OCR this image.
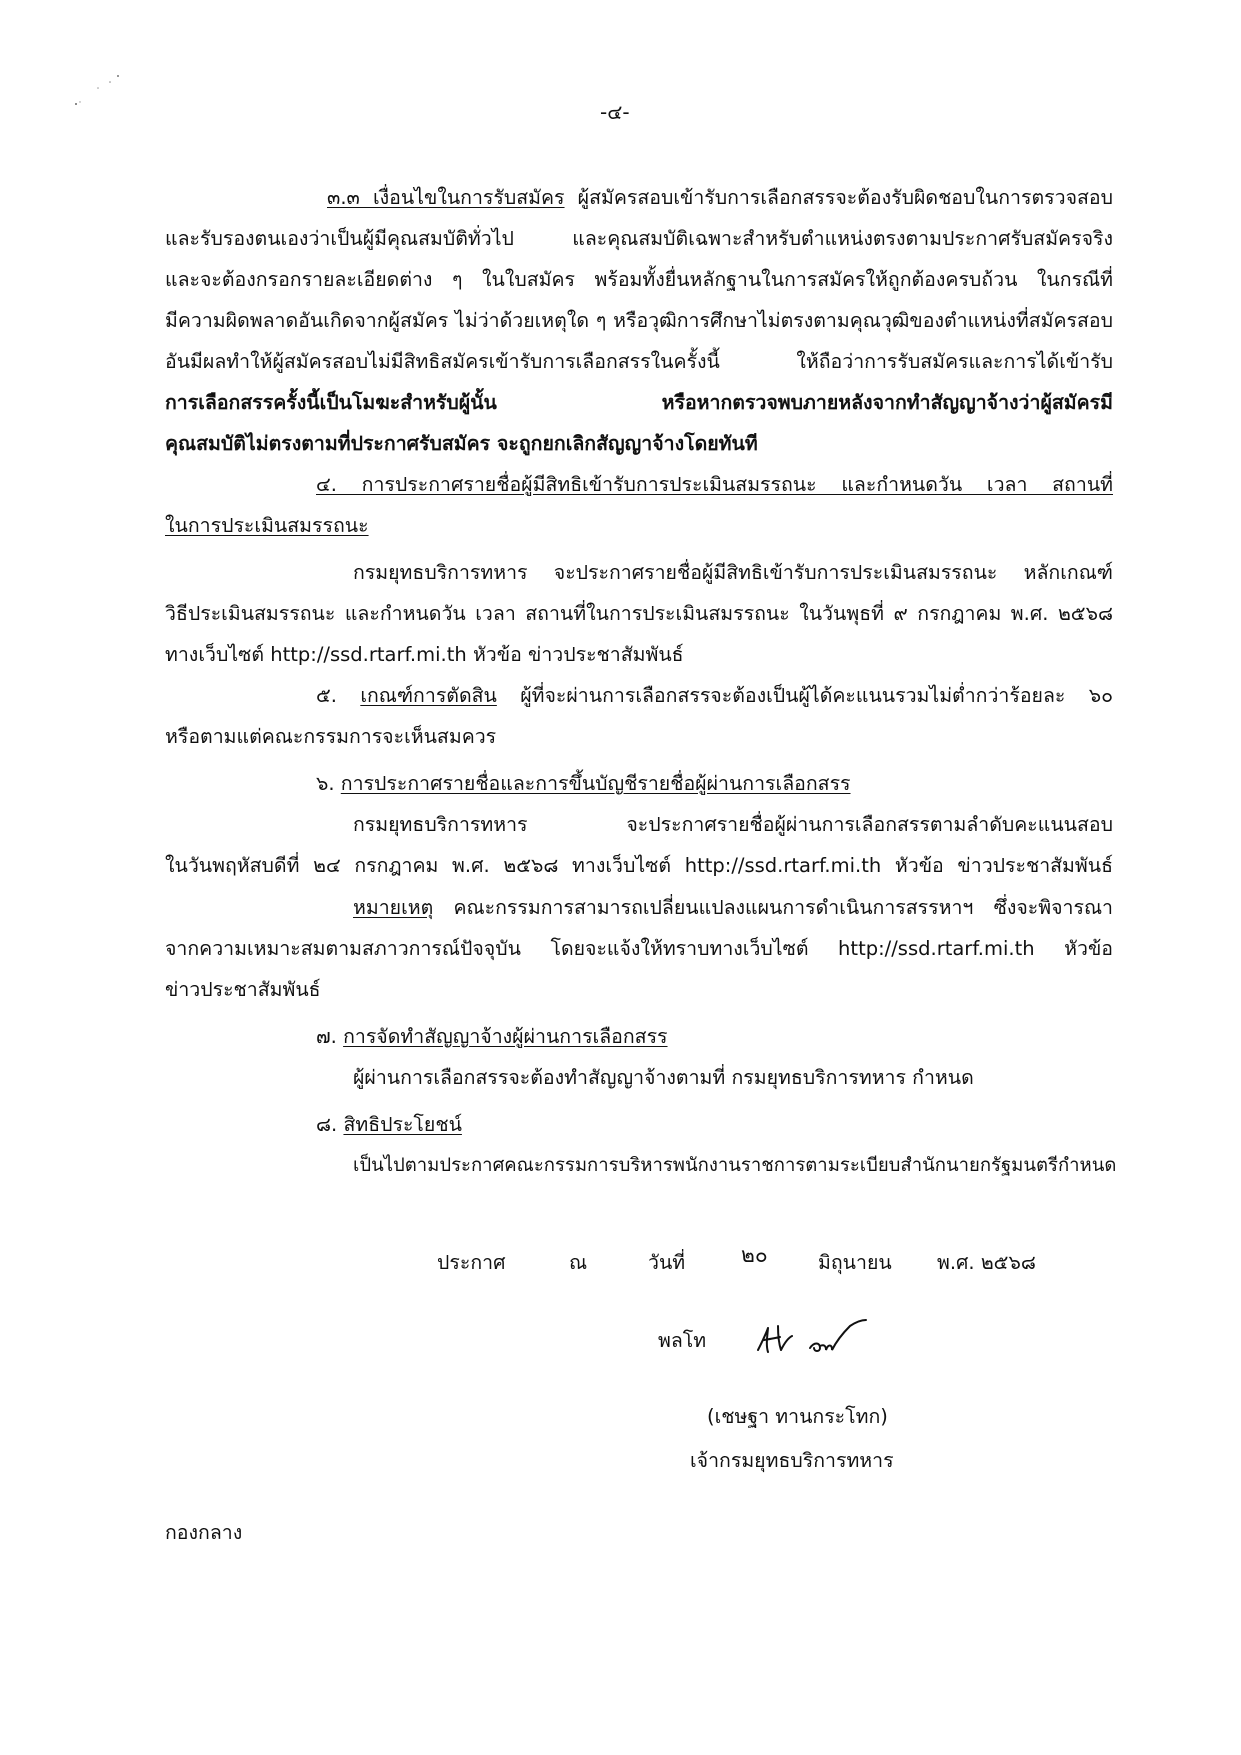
-๔-
๓.๓ เงื่อนไขในการรับสมัคร ผู้สมัครสอบเข้ารับการเลือกสรรจะต้องรับผิดชอบในการตรวจสอบ
และรับรองตนเองว่าเป็นผู้มีคุณสมบัติทั่วไป และคุณสมบัติเฉพาะสำหรับตำแหน่งตรงตามประกาศรับสมัครจริง
และจะต้องกรอกรายละเอียดต่าง ๆ ในใบสมัคร พร้อมทั้งยื่นหลักฐานในการสมัครให้ถูกต้องครบถ้วน ในกรณีที่
มีความผิดพลาดอันเกิดจากผู้สมัคร ไม่ว่าด้วยเหตุใด ๆ หรือวุฒิการศึกษาไม่ตรงตามคุณวุฒิของตำแหน่งที่สมัครสอบ
อันมีผลทำให้ผู้สมัครสอบไม่มีสิทธิสมัครเข้ารับการเลือกสรรในครั้งนี้ ให้ถือว่าการรับสมัครและการได้เข้ารับ
การเลือกสรรครั้งนี้เป็นโมฆะสำหรับผู้นั้น หรือหากตรวจพบภายหลังจากทำสัญญาจ้างว่าผู้สมัครมี
คุณสมบัติไม่ตรงตามที่ประกาศรับสมัคร จะถูกยกเลิกสัญญาจ้างโดยทันที
๔. การประกาศรายชื่อผู้มีสิทธิเข้ารับการประเมินสมรรถนะ และกำหนดวัน เวลา สถานที่
ในการประเมินสมรรถนะ
กรมยุทธบริการทหาร จะประกาศรายชื่อผู้มีสิทธิเข้ารับการประเมินสมรรถนะ หลักเกณฑ์
วิธีประเมินสมรรถนะ และกำหนดวัน เวลา สถานที่ในการประเมินสมรรถนะ ในวันพุธที่ ๙ กรกฎาคม พ.ศ. ๒๕๖๘
ทางเว็บไซต์ http://ssd.rtarf.mi.th หัวข้อ ข่าวประชาสัมพันธ์
๕. เกณฑ์การตัดสิน ผู้ที่จะผ่านการเลือกสรรจะต้องเป็นผู้ได้คะแนนรวมไม่ต่ำกว่าร้อยละ ๖๐
หรือตามแต่คณะกรรมการจะเห็นสมควร
๖. การประกาศรายชื่อและการขึ้นบัญชีรายชื่อผู้ผ่านการเลือกสรร
กรมยุทธบริการทหาร จะประกาศรายชื่อผู้ผ่านการเลือกสรรตามลำดับคะแนนสอบ
ในวันพฤหัสบดีที่ ๒๔ กรกฎาคม พ.ศ. ๒๕๖๘ ทางเว็บไซต์ http://ssd.rtarf.mi.th หัวข้อ ข่าวประชาสัมพันธ์
หมายเหตุ คณะกรรมการสามารถเปลี่ยนแปลงแผนการดำเนินการสรรหาฯ ซึ่งจะพิจารณา
จากความเหมาะสมตามสภาวการณ์ปัจจุบัน โดยจะแจ้งให้ทราบทางเว็บไซต์ http://ssd.rtarf.mi.th หัวข้อ
ข่าวประชาสัมพันธ์
๗. การจัดทำสัญญาจ้างผู้ผ่านการเลือกสรร
ผู้ผ่านการเลือกสรรจะต้องทำสัญญาจ้างตามที่ กรมยุทธบริการทหาร กำหนด
๘. สิทธิประโยชน์
เป็นไปตามประกาศคณะกรรมการบริหารพนักงานราชการตามระเบียบสำนักนายกรัฐมนตรีกำหนด
ประกาศ	ณ	วันที่	๒๐	มิถุนายน พ.ศ. ๒๕๖๘
พลโท
(เชษฐา ทานกระโทก)
เจ้ากรมยุทธบริการทหาร
กองกลาง
